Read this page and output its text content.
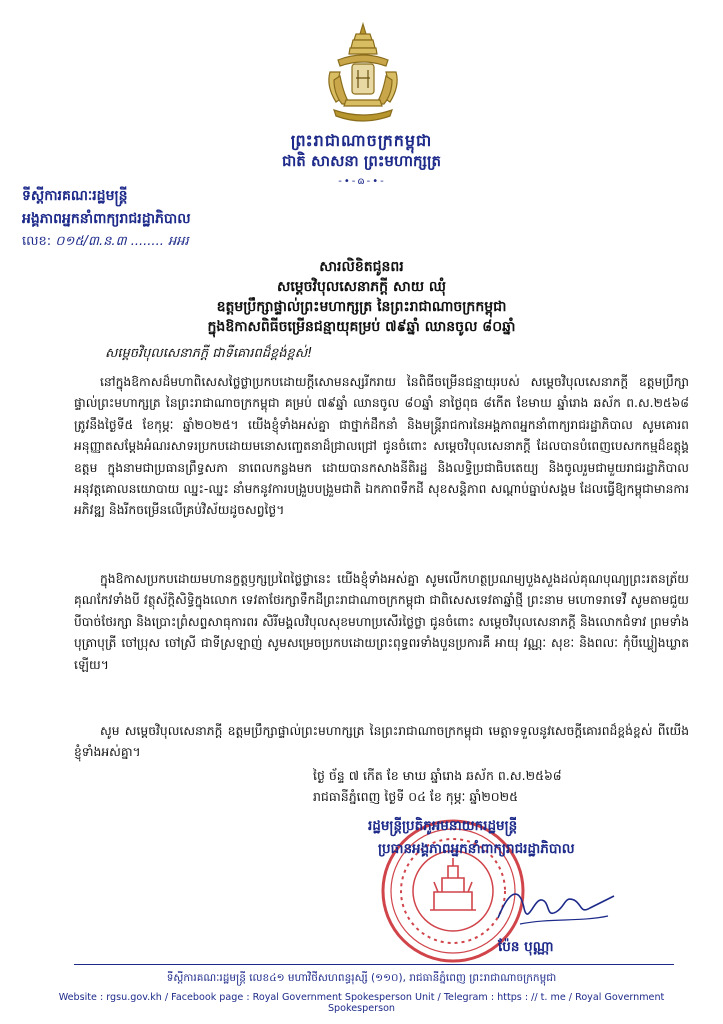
ព្រះរាជាណាចក្រកម្ពុជា
ជាតិ សាសនា ព្រះមហាក្សត្រ
-•-ɷ-•-
ទីស្តីការគណៈរដ្ឋមន្ត្រី
អង្គភាពអ្នកនាំពាក្យរាជរដ្ឋាភិបាល
លេខ: ០១៥/៣.ន.៣ ........ អអរ
សារលិខិតជូនពរ
សម្តេចវិបុលសេនាភក្តី សាយ ឈុំ
ឧត្តមប្រឹក្សាផ្ទាល់ព្រះមហាក្សត្រ នៃព្រះរាជាណាចក្រកម្ពុជា
ក្នុងឱកាសពិធីចម្រើនជន្មាយុគម្រប់ ៧៩ឆ្នាំ ឈានចូល ៨០ឆ្នាំ
សម្តេចវិបុលសេនាភក្តី ជាទីគោរពដ៏ខ្ពង់ខ្ពស់!
នៅក្នុងឱកាសដ៏មហាពិសេសថ្លៃថ្លាប្រកបដោយក្តីសោមនស្សរីករាយ នៃពិធីចម្រើនជន្មាយុរបស់ សម្តេចវិបុលសេនាភក្តី ឧត្តមប្រឹក្សាផ្ទាល់ព្រះមហាក្សត្រ នៃព្រះរាជាណាចក្រកម្ពុជា គម្រប់ ៧៩ឆ្នាំ ឈានចូល ៨០ឆ្នាំ នាថ្ងៃពុធ ៨កើត ខែមាឃ ឆ្នាំរោង ឆស័ក ព.ស.២៥៦៨ ត្រូវនឹងថ្ងៃទី៥ ខែកុម្ភៈ ឆ្នាំ២០២៥។ យើងខ្ញុំទាំងអស់គ្នា ជាថ្នាក់ដឹកនាំ និងមន្ត្រីរាជការនៃអង្គភាពអ្នកនាំពាក្យរាជរដ្ឋាភិបាល សូមគោរពអនុញ្ញាតសម្តែងអំណរសាទរប្រកបដោយមនោសញ្ចេតនាដ៏ជ្រាលជ្រៅ ជូនចំពោះ សម្តេចវិបុលសេនាភក្តី ដែលបានបំពេញបេសកកម្មដ៏ឧត្តុង្គឧត្តម ក្នុងនាមជាប្រធានព្រឹទ្ធសភា នាពេលកន្លងមក ដោយបានកសាងនីតិរដ្ឋ និងលទ្ធិប្រជាធិបតេយ្យ និងចូលរួមជាមួយរាជរដ្ឋាភិបាល អនុវត្តគោលនយោបាយ ឈ្នះ-ឈ្នះ នាំមកនូវការបង្រួបបង្រួមជាតិ ឯកភាពទឹកដី សុខសន្តិភាព សណ្តាប់ធ្នាប់សង្គម ដែលធ្វើឱ្យកម្ពុជាមានការអភិវឌ្ឍ និងរីកចម្រើនលើគ្រប់វិស័យដូចសព្វថ្ងៃ។
ក្នុងឱកាសប្រកបដោយមហានក្ខត្តឫក្សប្រពៃថ្លៃថ្លានេះ យើងខ្ញុំទាំងអស់គ្នា សូមលើកហត្ថប្រណម្យបួងសួងដល់គុណបុណ្យព្រះរតនត្រ័យ គុណកែវទាំងបី វត្ថុស័ក្តិសិទ្ធិក្នុងលោក ទេវតាថែរក្សាទឹកដីព្រះរាជាណាចក្រកម្ពុជា ជាពិសេសទេវតាឆ្នាំថ្មី ព្រះនាម មហោទរាទេវី សូមតាមជួយបីបាច់ថែរក្សា និងប្រោះព្រំសព្ទសាធុការពរ សិរីមង្គលវិបុលសុខមហាប្រសើរថ្លៃថ្លា ជូនចំពោះ សម្តេចវិបុលសេនាភក្តី និងលោកជំទាវ ព្រមទាំងបុត្រាបុត្រី ចៅប្រុស ចៅស្រី ជាទីស្រឡាញ់ សូមសម្រេចប្រកបដោយព្រះពុទ្ធពរទាំងបួនប្រការគឺ អាយុ វណ្ណៈ សុខៈ និងពលៈ កុំបីឃ្លៀងឃ្លាតឡើយ។
សូម សម្តេចវិបុលសេនាភក្តី ឧត្តមប្រឹក្សាផ្ទាល់ព្រះមហាក្សត្រ នៃព្រះរាជាណាចក្រកម្ពុជា មេត្តាទទួលនូវសេចក្តីគោរពដ៏ខ្ពង់ខ្ពស់ ពីយើងខ្ញុំទាំងអស់គ្នា។
ថ្ងៃ ច័ន្ទ ៧ កើត ខែ មាឃ ឆ្នាំរោង ឆស័ក ព.ស.២៥៦៨
រាជធានីភ្នំពេញ ថ្ងៃទី ០៤ ខែ កុម្ភៈ ឆ្នាំ២០២៥
រដ្ឋមន្ត្រីប្រតិភូអមនាយករដ្ឋមន្ត្រី
ប្រធានអង្គភាពអ្នកនាំពាក្យរាជរដ្ឋាភិបាល
ប៉ែន បុណ្ណា
ទីស្តីការគណៈរដ្ឋមន្ត្រី លេខ៤១ មហាវិថីសហពន្ធរុស្សី (១១០), រាជធានីភ្នំពេញ ព្រះរាជាណាចក្រកម្ពុជា
Website : rgsu.gov.kh / Facebook page : Royal Government Spokesperson Unit / Telegram : https : // t. me / Royal Government Spokesperson
